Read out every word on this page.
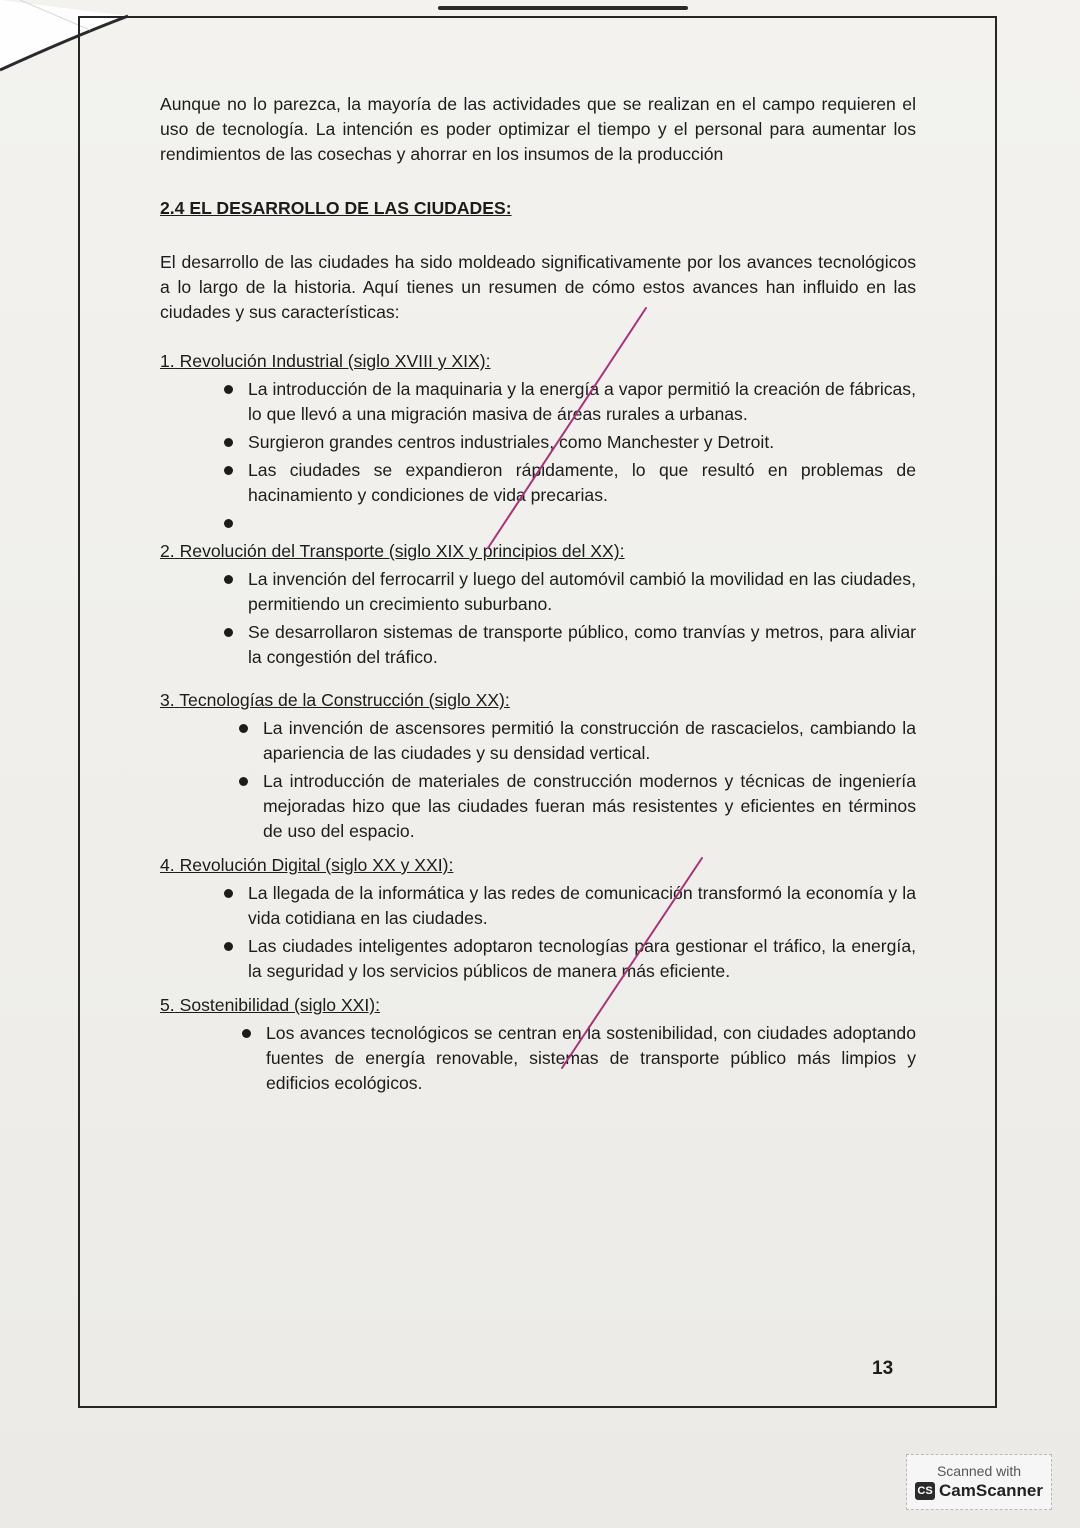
Aunque no lo parezca, la mayoría de las actividades que se realizan en el campo requieren el uso de tecnología. La intención es poder optimizar el tiempo y el personal para aumentar los rendimientos de las cosechas y ahorrar en los insumos de la producción

2.4 EL DESARROLLO DE LAS CIUDADES:

El desarrollo de las ciudades ha sido moldeado significativamente por los avances tecnológicos a lo largo de la historia. Aquí tienes un resumen de cómo estos avances han influido en las ciudades y sus características:

1. Revolución Industrial (siglo XVIII y XIX):
La introducción de la maquinaria y la energía a vapor permitió la creación de fábricas, lo que llevó a una migración masiva de áreas rurales a urbanas.
Surgieron grandes centros industriales, como Manchester y Detroit.
Las ciudades se expandieron rápidamente, lo que resultó en problemas de hacinamiento y condiciones de vida precarias.
2. Revolución del Transporte (siglo XIX y principios del XX):
La invención del ferrocarril y luego del automóvil cambió la movilidad en las ciudades, permitiendo un crecimiento suburbano.
Se desarrollaron sistemas de transporte público, como tranvías y metros, para aliviar la congestión del tráfico.
3. Tecnologías de la Construcción (siglo XX):
La invención de ascensores permitió la construcción de rascacielos, cambiando la apariencia de las ciudades y su densidad vertical.
La introducción de materiales de construcción modernos y técnicas de ingeniería mejoradas hizo que las ciudades fueran más resistentes y eficientes en términos de uso del espacio.
4. Revolución Digital (siglo XX y XXI):
La llegada de la informática y las redes de comunicación transformó la economía y la vida cotidiana en las ciudades.
Las ciudades inteligentes adoptaron tecnologías para gestionar el tráfico, la energía, la seguridad y los servicios públicos de manera más eficiente.
5. Sostenibilidad (siglo XXI):
Los avances tecnológicos se centran en la sostenibilidad, con ciudades adoptando fuentes de energía renovable, sistemas de transporte público más limpios y edificios ecológicos.
13
Scanned with
CS CamScanner
